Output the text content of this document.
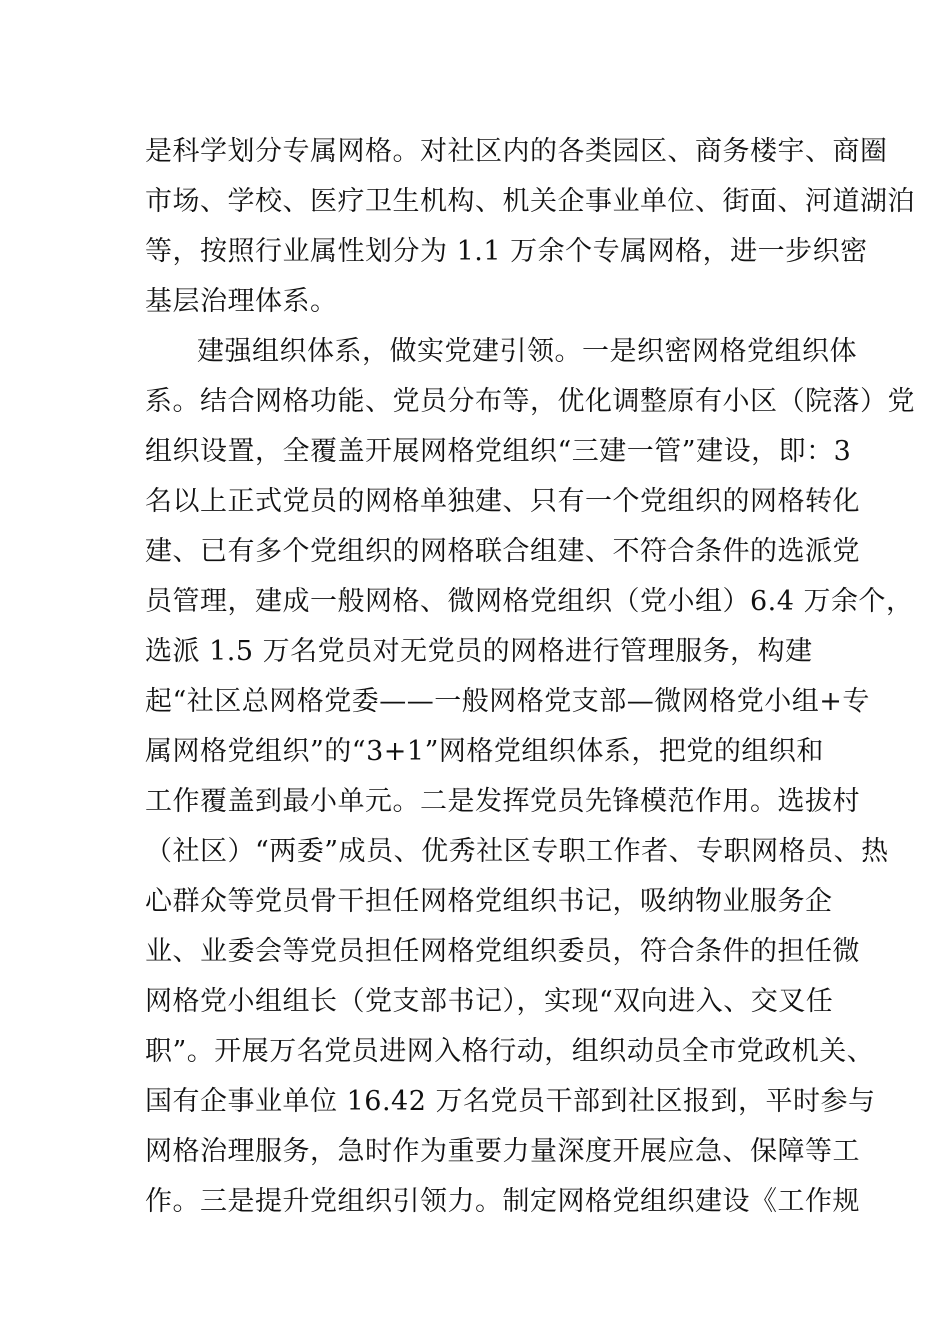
是科学划分专属网格。对社区内的各类园区、商务楼宇、商圈
市场、学校、医疗卫生机构、机关企事业单位、街面、河道湖泊
等，按照行业属性划分为 1.1 万余个专属网格，进一步织密
基层治理体系。
建强组织体系，做实党建引领。一是织密网格党组织体
系。结合网格功能、党员分布等，优化调整原有小区（院落）党
组织设置，全覆盖开展网格党组织“三建一管”建设，即：3
名以上正式党员的网格单独建、只有一个党组织的网格转化
建、已有多个党组织的网格联合组建、不符合条件的选派党
员管理，建成一般网格、微网格党组织（党小组）6.4 万余个，
选派 1.5 万名党员对无党员的网格进行管理服务，构建
起“社区总网格党委——一般网格党支部—微网格党小组+专
属网格党组织”的“3+1”网格党组织体系，把党的组织和
工作覆盖到最小单元。二是发挥党员先锋模范作用。选拔村
（社区）“两委”成员、优秀社区专职工作者、专职网格员、热
心群众等党员骨干担任网格党组织书记，吸纳物业服务企
业、业委会等党员担任网格党组织委员，符合条件的担任微
网格党小组组长（党支部书记），实现“双向进入、交叉任
职”。开展万名党员进网入格行动，组织动员全市党政机关、
国有企事业单位 16.42 万名党员干部到社区报到，平时参与
网格治理服务，急时作为重要力量深度开展应急、保障等工
作。三是提升党组织引领力。制定网格党组织建设《工作规
